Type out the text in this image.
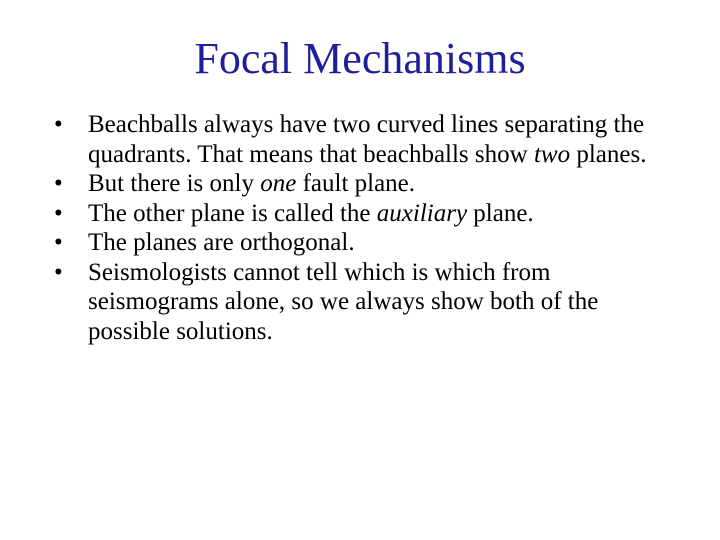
Focal Mechanisms
•	Beachballs always have two curved lines separating the quadrants. That means that beachballs show two planes.
•	But there is only one fault plane.
•	The other plane is called the auxiliary plane.
•	The planes are orthogonal.
•	Seismologists cannot tell which is which from seismograms alone, so we always show both of the possible solutions.
